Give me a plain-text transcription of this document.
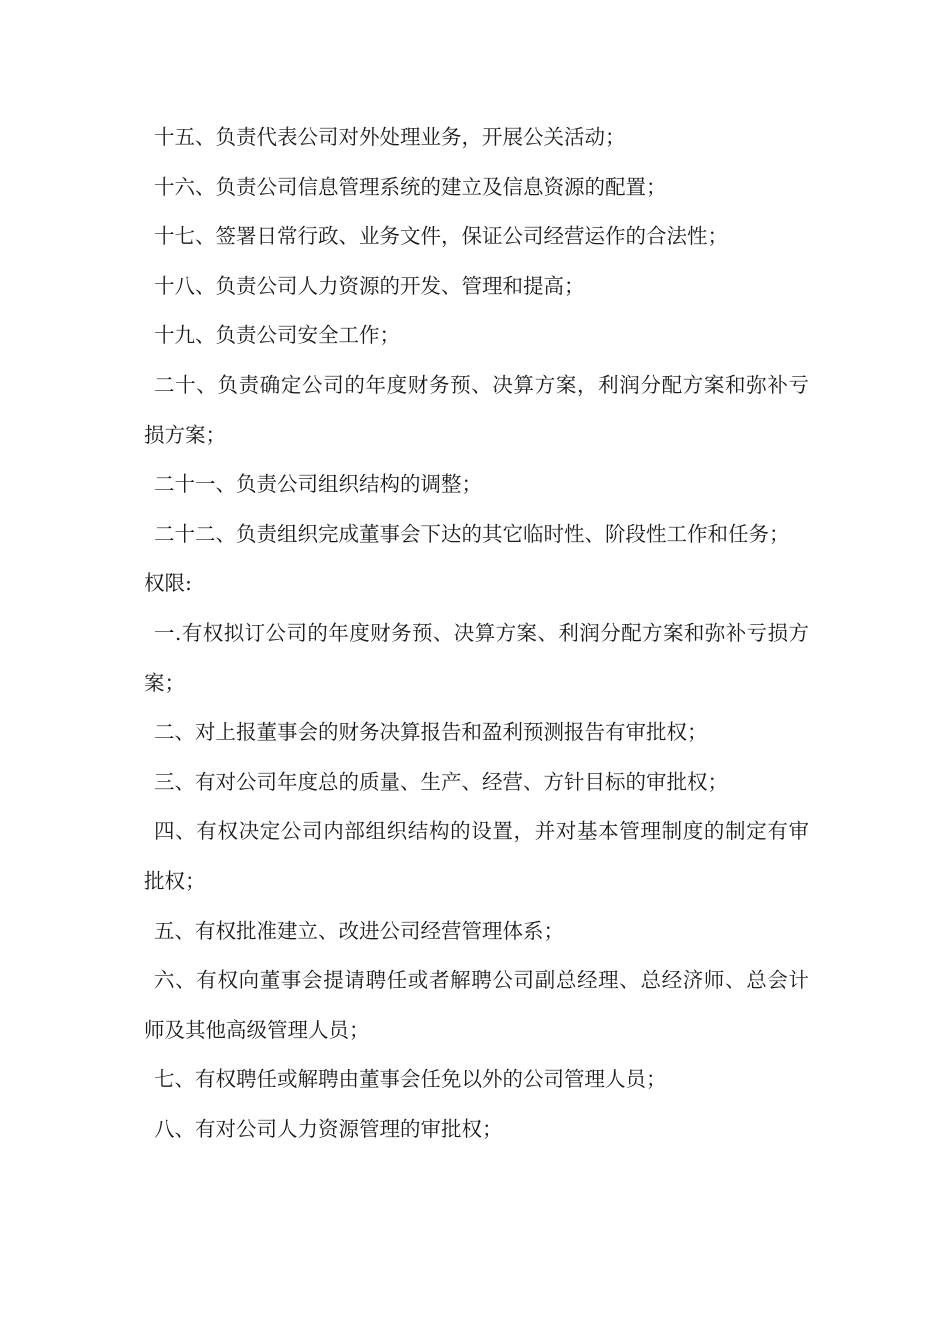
十五、负责代表公司对外处理业务，开展公关活动；

十六、负责公司信息管理系统的建立及信息资源的配置；

十七、签署日常行政、业务文件，保证公司经营运作的合法性；

十八、负责公司人力资源的开发、管理和提高；

十九、负责公司安全工作；

二十、负责确定公司的年度财务预、决算方案，利润分配方案和弥补亏损方案；

二十一、负责公司组织结构的调整；

二十二、负责组织完成董事会下达的其它临时性、阶段性工作和任务；

权限:

一.有权拟订公司的年度财务预、决算方案、利润分配方案和弥补亏损方案；

二、对上报董事会的财务决算报告和盈利预测报告有审批权；

三、有对公司年度总的质量、生产、经营、方针目标的审批权；

四、有权决定公司内部组织结构的设置，并对基本管理制度的制定有审批权；

五、有权批准建立、改进公司经营管理体系；

六、有权向董事会提请聘任或者解聘公司副总经理、总经济师、总会计师及其他高级管理人员；

七、有权聘任或解聘由董事会任免以外的公司管理人员；

八、有对公司人力资源管理的审批权；
